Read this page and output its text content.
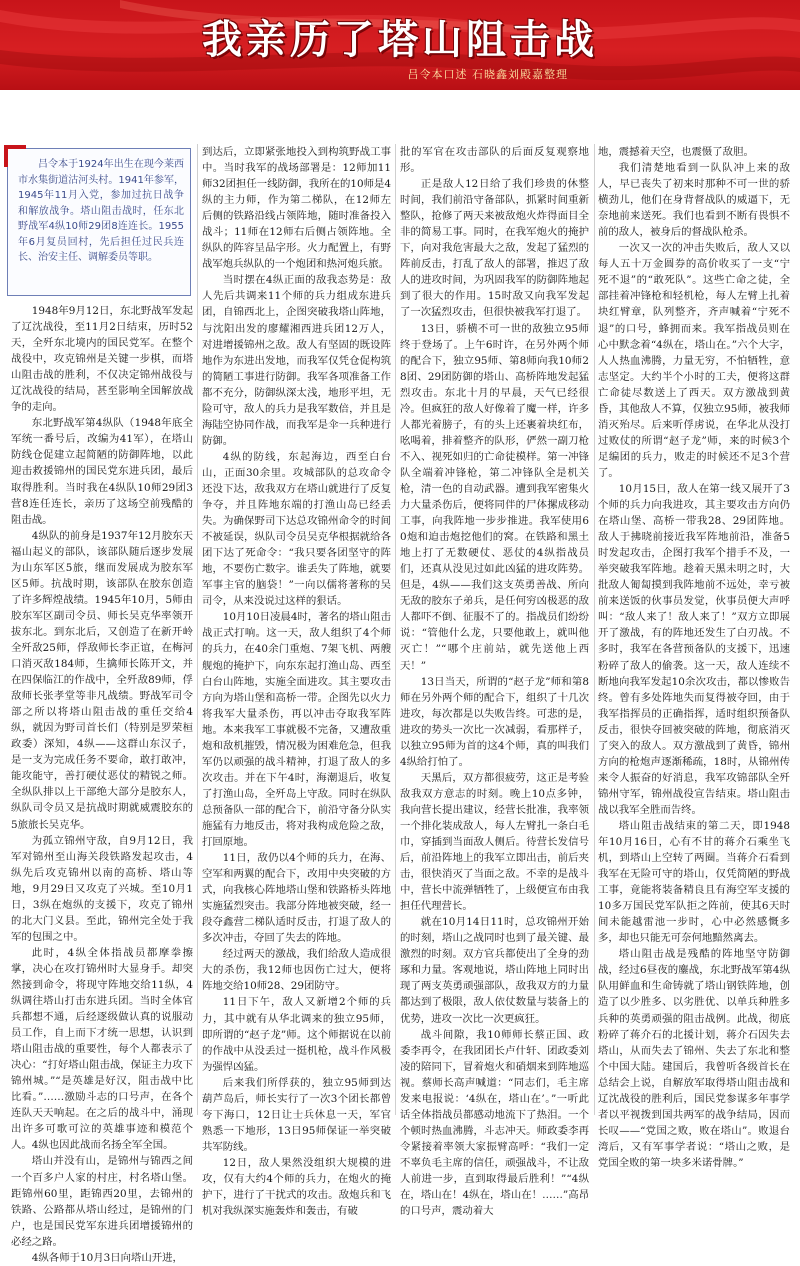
我亲历了塔山阻击战
吕令本口述 石晓鑫刘殿嘉整理

吕令本于1924年出生在现今莱西市水集街道沽河头村。1941年参军，1945年11月入党，参加过抗日战争和解放战争。塔山阻击战时，任东北野战军4纵10师29团8连连长。1955年6月复员回村，先后担任过民兵连长、治安主任、调解委员等职。

1948年9月12日，东北野战军发起了辽沈战役，至11月2日结束，历时52天，全歼东北境内的国民党军。在整个战役中，攻克锦州是关键一步棋，而塔山阻击战的胜利，不仅决定锦州战役与辽沈战役的结局，甚至影响全国解放战争的走向。

东北野战军第4纵队（1948年底全军统一番号后，改编为41军），在塔山防线仓促建立起简陋的防御阵地，以此迎击救援锦州的国民党东进兵团，最后取得胜利。当时我在4纵队10师29团3营8连任连长，亲历了这场空前残酷的阻击战。

4纵队的前身是1937年12月胶东天福山起义的部队，该部队随后逐步发展为山东军区5旅，继而发展成为胶东军区5师。抗战时期，该部队在胶东创造了许多辉煌战绩。1945年10月，5师由胶东军区副司令员、师长吴克华率领开拔东北。到东北后，又创造了在新开岭全歼敌25师，俘敌师长李正谊，在梅河口消灭敌184师，生擒师长陈开文，并在四保临江的作战中，全歼敌89师，俘敌师长张孝堂等非凡战绩。野战军司令部之所以将塔山阻击战的重任交给4纵，就因为野司首长们（特别是罗荣桓政委）深知，4纵——这群山东汉子，是一支为完成任务不要命，敢打敢冲，能攻能守，善打硬仗恶仗的精锐之师。全纵队排以上干部绝大部分是胶东人，纵队司令员又是抗战时期就威震胶东的5旅旅长吴克华。

为孤立锦州守敌，自9月12日，我军对锦州至山海关段铁路发起攻击，4纵先后攻克锦州以南的高桥、塔山等地，9月29日又攻克了兴城。至10月1日，3纵在炮纵的支援下，攻克了锦州的北大门义县。至此，锦州完全处于我军的包围之中。

此时，4纵全体指战员都摩拳擦掌，决心在攻打锦州时大显身手。却突然接到命令，将现守阵地交给11纵，4纵调往塔山打击东进兵团。当时全体官兵都想不通，后经逐级做认真的说服动员工作，自上而下才统一思想，认识到塔山阻击战的重要性，每个人都表示了决心：“打好塔山阻击战，保证主力攻下锦州城。”“是英雄是好汉，阻击战中比比看。”……激励斗志的口号声，在各个连队天天响起。在之后的战斗中，涌现出许多可歌可泣的英雄事迹和模范个人。4纵也因此战而名扬全军全国。

塔山并没有山，是锦州与锦西之间一个百多户人家的村庄，村名塔山堡。距锦州60里，距锦西20里，去锦州的铁路、公路都从塔山经过，是锦州的门户，也是国民党军东进兵团增援锦州的必经之路。

4纵各师于10月3日向塔山开进，

到达后，立即紧张地投入到构筑野战工事中。当时我军的战场部署是：12师加11师32团担任一线防御，我所在的10师是4纵的主力师，作为第二梯队，在12师左后侧的铁路沿线占领阵地，随时准备投入战斗；11师在12师右后侧占领阵地。全纵队的阵容呈品字形。火力配置上，有野战军炮兵纵队的一个炮团和热河炮兵旅。

当时摆在4纵正面的敌我态势是：敌人先后共调来11个师的兵力组成东进兵团，自锦西北上，企图突破我塔山阵地，与沈阳出发的廖耀湘西进兵团12万人，对进增援锦州之敌。敌人有坚固的既设阵地作为东进出发地，而我军仅凭仓促构筑的简陋工事进行防御。我军各项准备工作都不充分，防御纵深太浅，地形平坦，无险可守，敌人的兵力是我军数倍，并且是海陆空协同作战，而我军是伞一兵种进行防御。

4纵的防线，东起海边，西至白台山，正面30余里。攻城部队的总攻命令还没下达，敌我双方在塔山就进行了反复争夺，并且阵地东端的打渔山岛已经丢失。为确保野司下达总攻锦州命令的时间不被延误，纵队司令员吴克华根据就给各团下达了死命令：“我只要各团坚守的阵地，不要伤亡数字。谁丢失了阵地，就要军事主官的脑袋！”一向以儒将著称的吴司令，从来没说过这样的狠话。

10月10日凌晨4时，著名的塔山阻击战正式打响。这一天，敌人组织了4个师的兵力，在40余门重炮、7架飞机、两艘舰炮的掩护下，向东东起打渔山岛、西至白台山阵地，实施全面进攻。其主要攻击方向为塔山堡和高桥一带。企图先以火力将我军大量杀伤，再以冲击夺取我军阵地。本来我军工事就极不完备，又遭敌重炮和敌机摧毁，情况极为困难危急，但我军仍以顽强的战斗精神，打退了敌人的多次攻击。并在下午4时，海潮退后，收复了打渔山岛，全歼岛上守敌。同时在纵队总预备队一部的配合下，前沿守备分队实施猛有力地反击，将对我构成危险之敌，打回原地。

11日，敌仍以4个师的兵力，在海、空军和两翼的配合下，改用中央突破的方式，向我核心阵地塔山堡和铁路桥头阵地实施猛烈突击。我部分阵地被突破，经一段夺鑫营二梯队适时反击，打退了敌人的多次冲击，夺回了失去的阵地。

经过两天的激战，我们给敌人造成很大的杀伤，我12师也因伤亡过大，便将阵地交给10师28、29团防守。

11日下午，敌人又新增2个师的兵力，其中就有从华北调来的独立95师，即所谓的“赵子龙”师。这个师据说在以前的作战中从没丢过一挺机枪，战斗作风极为强悍凶猛。

后来我们所俘获的，独立95师到达葫芦岛后，师长实行了一次3个团长都曾夸下海口，12日让士兵休息一天，军官熟悉一下地形，13日95师保证一举突破共军防线。

12日，敌人果然没组织大规模的进攻，仅有大约4个师的兵力，在炮火的掩护下，进行了干扰式的攻击。敌炮兵和飞机对我纵深实施轰炸和轰击，有破

批的军官在攻击部队的后面反复观察地形。

正是敌人12日给了我们珍贵的休整时间，我们前沿守备部队，抓紧时间重新整队，抢修了两天来被敌炮火炸得面目全非的简易工事。同时，在我军炮火的掩护下，向对我危害最大之敌，发起了猛烈的阵前反击，打乱了敌人的部署，推迟了敌人的进攻时间，为巩固我军的防御阵地起到了很大的作用。15时敌又向我军发起了一次猛烈攻击，但很快被我军打退了。

13日，骄横不可一世的敌独立95师终于登场了。上午6时许，在另外两个师的配合下，独立95师、第8师向我10师28团、29团防御的塔山、高桥阵地发起猛烈攻击。东北十月的早晨，天气已经很冷。但疯狂的敌人好像着了魔一样，许多人都光着膀子，有的头上还裹着块红布，吆喝着，排着整齐的队形，俨然一副刀枪不入、视死如归的亡命徒模样。第一冲锋队全端着冲锋枪，第二冲锋队全是机关枪，清一色的自动武器。遭到我军密集火力大量杀伤后，便将同伴的尸体摞成移动工事，向我阵地一步步推进。我军使用60炮和迫击炮挖他们的窝。在铁路和黑土地上打了无数硬仗、恶仗的4纵指战员们，还真从没见过如此凶猛的进攻阵势。但是，4纵——我们这支英勇善战、所向无敌的胶东子弟兵，是任何穷凶极恶的敌人都吓不倒、征服不了的。指战员们纷纷说：“管他什么龙，只要他敢上，就叫他灭亡！”“哪个庄前站，就先送他上西天！”

13日当天，所谓的“赵子龙”师和第8师在另外两个师的配合下，组织了十几次进攻，每次都是以失败告终。可悲的是，进攻的势头一次比一次减弱，看那样子，以独立95师为首的这4个师，真的叫我们4纵给打怕了。

天黑后，双方都很疲劳，这正是考验敌我双方意志的时刻。晚上10点多钟，我向营长提出建议，经营长批准，我率领一个排化装成敌人，每人左臂扎一条白毛巾，穿插到当面敌人侧后。待营长发信号后，前沿阵地上的我军立即出击，前后夹击，很快消灭了当面之敌。不幸的是战斗中，营长中流弹牺牲了，上级便宣布由我担任代理营长。

就在10月14日11时，总攻锦州开始的时刻，塔山之战同时也到了最关键、最激烈的时刻。双方官兵都使出了全身的劲琢和力量。客观地说，塔山阵地上同时出现了两支英勇顽强部队，敌我双方的力量都达到了极限，敌人依仗数量与装备上的优势，进攻一次比一次更疯狂。

战斗间隙，我10师师长蔡正国、政委李再令，在我团团长卢什轩、团政委刘凌的陪同下，冒着炮火和硝烟来到阵地巡视。蔡师长高声喊道：“同志们，毛主席发来电报说：‘4纵在，塔山在’。”一听此话全体指战员都感动地流下了热泪。一个个顿时热血沸腾，斗志冲天。师政委李再令紧接着率领大家振臂高呼：“我们一定不辜负毛主席的信任，顽强战斗，不让敌人前进一步，直到取得最后胜利！”“4纵在，塔山在！4纵在，塔山在！……”高昂的口号声，震动着大

地，震撼着天空，也震慑了敌胆。

我们清楚地看到一队队冲上来的敌人，早已丧失了初来时那种不可一世的骄横劲儿，他们在身背督战队的威逼下，无奈地前来送死。我们也看到不断有畏惧不前的敌人，被身后的督战队枪杀。

一次又一次的冲击失败后，敌人又以每人五十万金圆券的高价收买了一支“宁死不退”的“敢死队”。这些亡命之徒，全部挂着冲锋枪和轻机枪，每人左臂上扎着块红臂章，队列整齐，齐声喊着“宁死不退”的口号，蜂拥而来。我军指战员则在心中默念着“4纵在，塔山在。”六个大字，人人热血沸腾，力量无穷，不怕牺牲，意志坚定。大约半个小时的工夫，便将这群亡命徒尽数送上了西天。双方激战到黄昏，其他敌人不算，仅独立95师，被我师消灭殆尽。后来听俘虏说，在华北从没打过败仗的所谓“赵子龙”师，来的时候3个足编团的兵力，败走的时候还不足3个营了。

10月15日，敌人在第一线又展开了3个师的兵力向我进攻，其主要攻击方向仍在塔山堡、高桥一带我28、29团阵地。敌人于拂晓前接近我军阵地前沿，准备5时发起攻击，企图打我军个措手不及，一举突破我军阵地。趁着天黑未明之时，大批敌人匍匐摸到我阵地前不远处，幸亏被前来送饭的伙事员发觉，伙事员便大声呼叫：“敌人来了！敌人来了！”双方立即展开了激战，有的阵地还发生了白刃战。不多时，我军在各营预备队的支援下，迅速粉碎了敌人的偷袭。这一天，敌人连续不断地向我军发起10余次攻击，都以惨败告终。曾有多处阵地失而复得被夺回，由于我军指挥员的正确指挥，适时组织预备队反击，很快夺回被突破的阵地，彻底消灭了突入的敌人。双方激战到了黄昏，锦州方向的枪炮声逐渐稀疏，18时，从锦州传来令人振奋的好消息，我军攻锦部队全歼锦州守军，锦州战役宣告结束。塔山阻击战以我军全胜而告终。

塔山阻击战结束的第二天，即1948年10月16日，心有不甘的蒋介石乘坐飞机，到塔山上空转了两圈。当蒋介石看到我军在无险可守的塔山，仅凭简陋的野战工事，竟能将装备精良且有海空军支援的10多万国民党军队拒之阵前，使其6天时间未能越雷池一步时，心中必然感慨多多，却也只能无可奈何地黯然离去。

塔山阻击战是残酷的阵地坚守防御战，经过6昼夜的鏖战，东北野战军第4纵队用鲜血和生命铸就了塔山钢铁阵地，创造了以少胜多、以劣胜优、以单兵种胜多兵种的英勇顽强的阻击战例。此战，彻底粉碎了蒋介石的北援计划，蒋介石因失去塔山，从而失去了锦州、失去了东北和整个中国大陆。建国后，我曾听各级首长在总结会上说，自解放军取得塔山阻击战和辽沈战役的胜利后，国民党参谋多年事学者以平视拨到国共两军的战争结局，因而长叹——“党国之败，败在塔山”。败退台湾后，又有军事学者说：“塔山之败，是党国全败的第一块多米诺骨牌。”
